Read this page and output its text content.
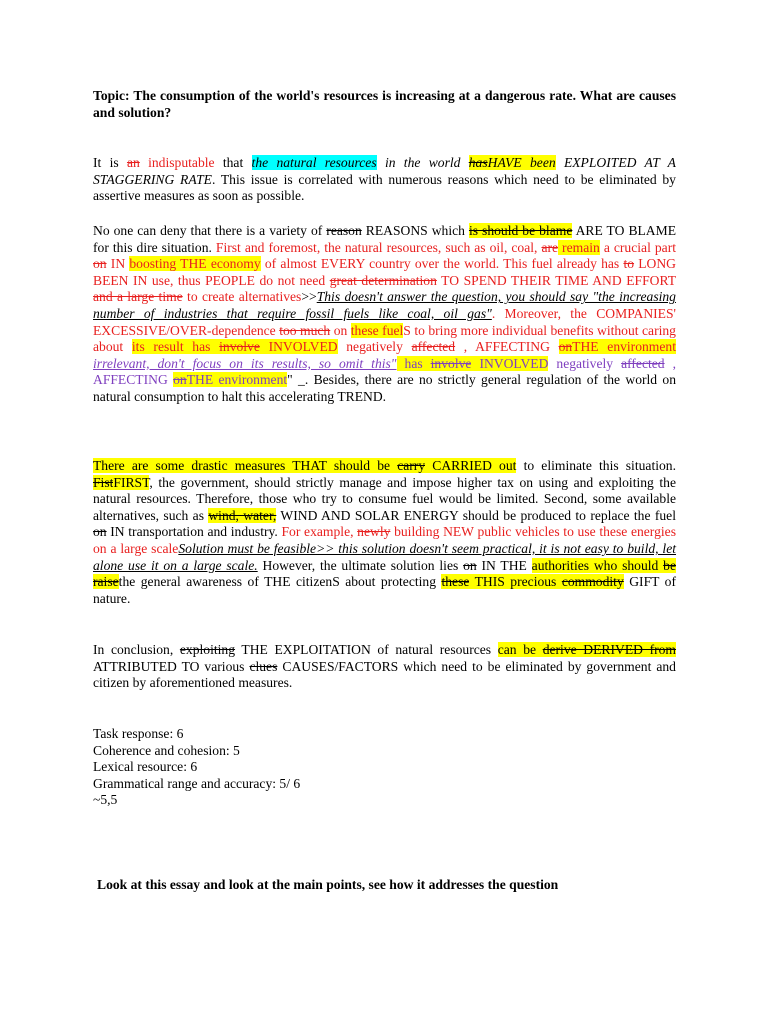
Topic: The consumption of the world's resources is increasing at a dangerous rate. What are causes and solution?
It is an indisputable that the natural resources in the world hasHAVE been EXPLOITED AT A STAGGERING RATE. This issue is correlated with numerous reasons which need to be eliminated by assertive measures as soon as possible.
No one can deny that there is a variety of reason REASONS which is should be blame ARE TO BLAME for this dire situation. First and foremost, the natural resources, such as oil, coal, are remain a crucial part on IN boosting THE economy of almost EVERY country over the world. This fuel already has to LONG BEEN IN use, thus PEOPLE do not need great determination TO SPEND THEIR TIME AND EFFORT and a large time to create alternatives>>This doesn't answer the question, you should say "the increasing number of industries that require fossil fuels like coal, oil gas". Moreover, the COMPANIES' EXCESSIVE/OVER-dependence too much on these fuelS to bring more individual benefits without caring about its result has involve INVOLVED negatively affected , AFFECTING onTHE environment irrelevant, don't focus on its results, so omit this" has involve INVOLVED negatively affected , AFFECTING onTHE environment" _. Besides, there are no strictly general regulation of the world on natural consumption to halt this accelerating TREND.
There are some drastic measures THAT should be carry CARRIED out to eliminate this situation. FistFIRST, the government, should strictly manage and impose higher tax on using and exploiting the natural resources. Therefore, those who try to consume fuel would be limited. Second, some available alternatives, such as wind, water, WIND AND SOLAR ENERGY should be produced to replace the fuel on IN transportation and industry. For example, newly building NEW public vehicles to use these energies on a large scaleSolution must be feasible>> this solution doesn't seem practical, it is not easy to build, let alone use it on a large scale. However, the ultimate solution lies on IN THE authorities who should be raisethe general awareness of THE citizenS about protecting these THIS precious commodity GIFT of nature.
In conclusion, exploiting THE EXPLOITATION of natural resources can be derive DERIVED from ATTRIBUTED TO various clues CAUSES/FACTORS which need to be eliminated by government and citizen by aforementioned measures.
Task response: 6
Coherence and cohesion: 5
Lexical resource: 6
Grammatical range and accuracy: 5/ 6
~5,5
Look at this essay and look at the main points, see how it addresses the question
